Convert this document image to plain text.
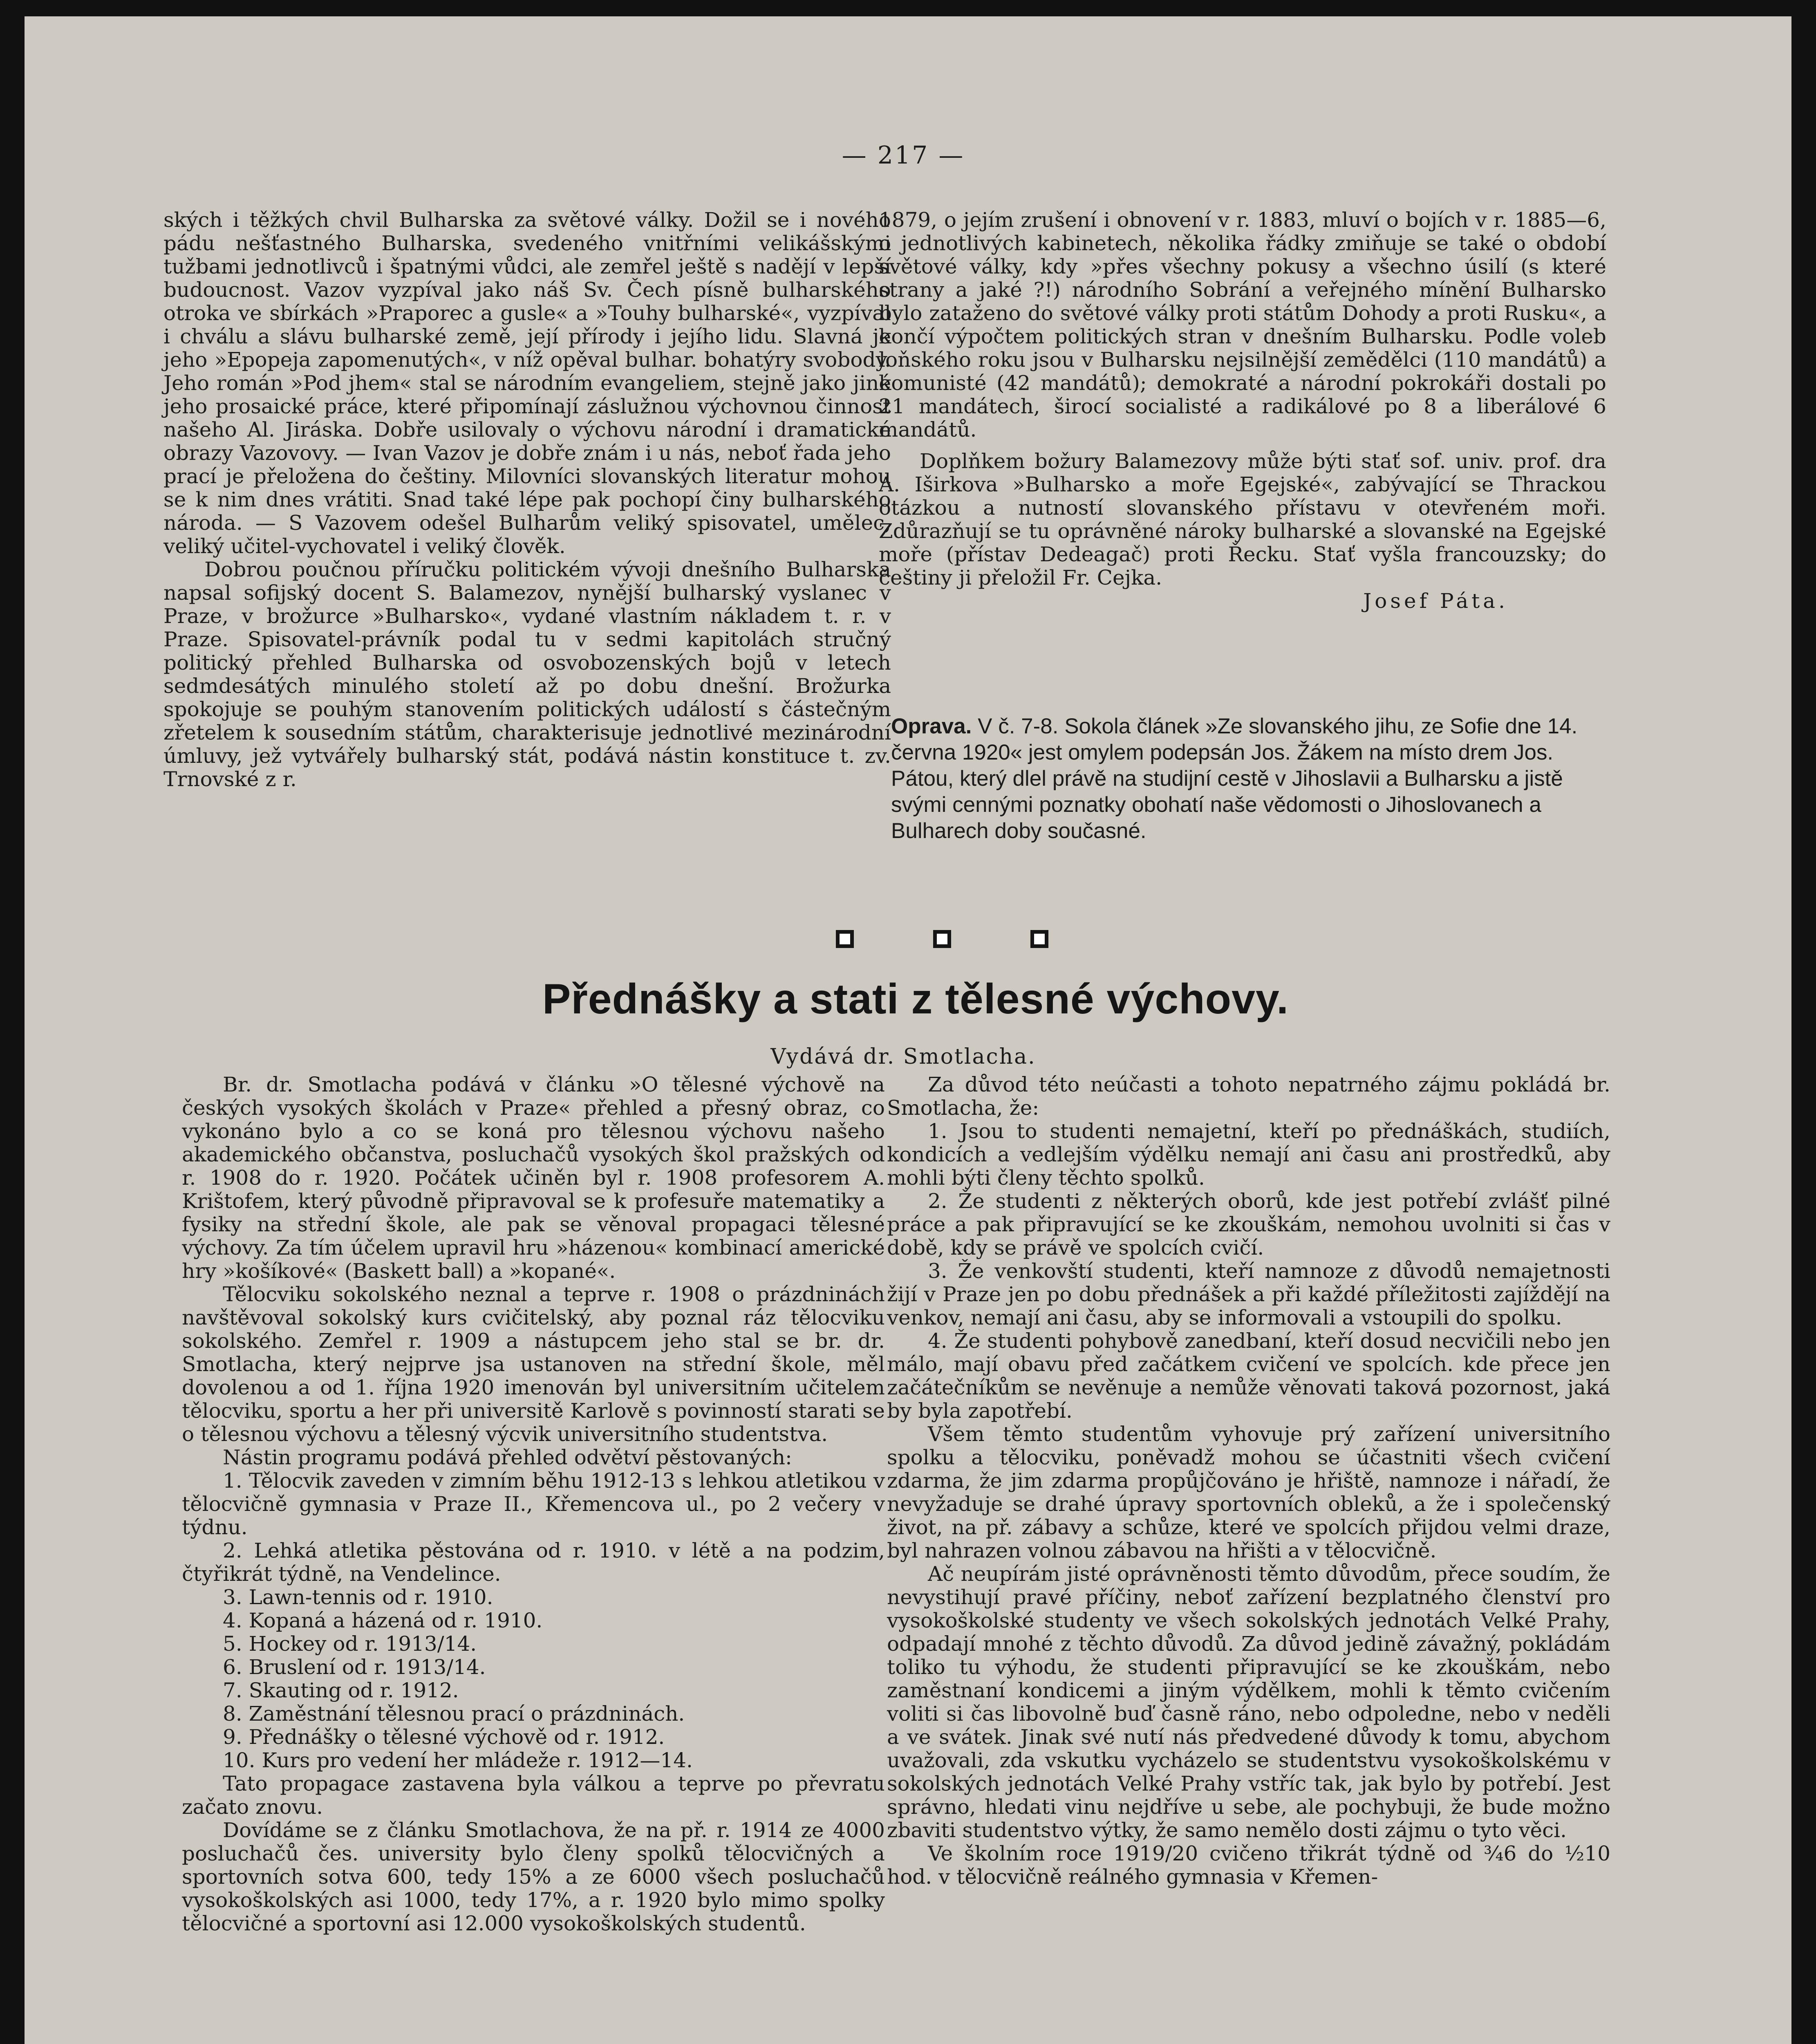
— 217 —

ských i těžkých chvil Bulharska za světové války. Dožil se i nového pádu nešťastného Bulharska, svedeného vnitřními velikášskými tužbami jednotlivců i špatnými vůdci, ale zemřel ještě s nadějí v lepší budoucnost. Vazov vyzpíval jako náš Sv. Čech písně bulharského otroka ve sbírkách »Praporec a gusle« a »Touhy bulharské«, vyzpíval i chválu a slávu bulharské země, její přírody i jejího lidu. Slavná je jeho »Epopeja zapomenutých«, v níž opěval bulhar. bohatýry svobody. Jeho román »Pod jhem« stal se národním evangeliem, stejně jako jiné jeho prosaické práce, které připomínají záslužnou výchovnou činnost našeho Al. Jiráska. Dobře usilovaly o výchovu národní i dramatické obrazy Vazovovy. — Ivan Vazov je dobře znám i u nás, neboť řada jeho prací je přeložena do češtiny. Milovníci slovanských literatur mohou se k nim dnes vrátiti. Snad také lépe pak pochopí činy bulharského národa. — S Vazovem odešel Bulharům veliký spisovatel, umělec, veliký učitel-vychovatel i veliký člověk.

Dobrou poučnou příručku politickém vývoji dnešního Bulharska napsal sofijský docent S. Balamezov, nynější bulharský vyslanec v Praze, v brožurce »Bulharsko«, vydané vlastním nákladem t. r. v Praze. Spisovatel-právník podal tu v sedmi kapitolách stručný politický přehled Bulharska od osvobozenských bojů v letech sedmdesátých minulého století až po dobu dnešní. Brožurka spokojuje se pouhým stanovením politických událostí s částečným zřetelem k sousedním státům, charakterisuje jednotlivé mezinárodní úmluvy, jež vytvářely bulharský stát, podává nástin konstituce t. zv. Trnovské z r.

1879, o jejím zrušení i obnovení v r. 1883, mluví o bojích v r. 1885—6, o jednotlivých kabinetech, několika řádky zmiňuje se také o období světové války, kdy »přes všechny pokusy a všechno úsilí (s které strany a jaké ?!) národního Sobrání a veřejného mínění Bulharsko bylo zataženo do světové války proti státům Dohody a proti Rusku«, a končí výpočtem politických stran v dnešním Bulharsku. Podle voleb loňského roku jsou v Bulharsku nejsilnější zemědělci (110 mandátů) a komunisté (42 mandátů); demokraté a národní pokrokáři dostali po 21 mandátech, širocí socialisté a radikálové po 8 a liberálové 6 mandátů.

Doplňkem božury Balamezovy může býti stať sof. univ. prof. dra A. Iširkova »Bulharsko a moře Egejské«, zabývající se Thrackou otázkou a nutností slovanského přístavu v otevřeném moři. Zdůrazňují se tu oprávněné nároky bulharské a slovanské na Egejské moře (přístav Dedeagač) proti Řecku. Stať vyšla francouzsky; do češtiny ji přeložil Fr. Cejka.

Josef Páta.

Oprava. V č. 7-8. Sokola článek »Ze slovanského jihu, ze Sofie dne 14. června 1920« jest omylem podepsán Jos. Žákem na místo drem Jos. Pátou, který dlel právě na studijní cestě v Jihoslavii a Bulharsku a jistě svými cennými poznatky obohatí naše vědomosti o Jihoslovanech a Bulharech doby současné.
Přednášky a stati z tělesné výchovy.
Vydává dr. Smotlacha.

Br. dr. Smotlacha podává v článku »O tělesné výchově na českých vysokých školách v Praze« přehled a přesný obraz, co vykonáno bylo a co se koná pro tělesnou výchovu našeho akademického občanstva, posluchačů vysokých škol pražských od r. 1908 do r. 1920. Počátek učiněn byl r. 1908 profesorem A. Krištofem, který původně připravoval se k profesuře matematiky a fysiky na střední škole, ale pak se věnoval propagaci tělesné výchovy. Za tím účelem upravil hru »házenou« kombinací americké hry »košíkové« (Baskett ball) a »kopané«.

Tělocviku sokolského neznal a teprve r. 1908 o prázdninách navštěvoval sokolský kurs cvičitelský, aby poznal ráz tělocviku sokolského. Zemřel r. 1909 a nástupcem jeho stal se br. dr. Smotlacha, který nejprve jsa ustanoven na střední škole, měl dovolenou a od 1. října 1920 imenován byl universitním učitelem tělocviku, sportu a her při universitě Karlově s povinností starati se o tělesnou výchovu a tělesný výcvik universitního studentstva.

Nástin programu podává přehled odvětví pěstovaných:

1. Tělocvik zaveden v zimním běhu 1912-13 s lehkou atletikou v tělocvičně gymnasia v Praze II., Křemencova ul., po 2 večery v týdnu.

2. Lehká atletika pěstována od r. 1910. v létě a na podzim, čtyřikrát týdně, na Vendelince.

3. Lawn-tennis od r. 1910.

4. Kopaná a házená od r. 1910.

5. Hockey od r. 1913/14.

6. Bruslení od r. 1913/14.

7. Skauting od r. 1912.

8. Zaměstnání tělesnou prací o prázdninách.

9. Přednášky o tělesné výchově od r. 1912.

10. Kurs pro vedení her mládeže r. 1912—14.

Tato propagace zastavena byla válkou a teprve po převratu začato znovu.

Dovídáme se z článku Smotlachova, že na př. r. 1914 ze 4000 posluchačů čes. university bylo členy spolků tělocvičných a sportovních sotva 600, tedy 15% a ze 6000 všech posluchačů vysokoškolských asi 1000, tedy 17%, a r. 1920 bylo mimo spolky tělocvičné a sportovní asi 12.000 vysokoškolských studentů.

Za důvod této neúčasti a tohoto nepatrného zájmu pokládá br. Smotlacha, že:

1. Jsou to studenti nemajetní, kteří po přednáškách, studiích, kondicích a vedlejším výdělku nemají ani času ani prostředků, aby mohli býti členy těchto spolků.

2. Že studenti z některých oborů, kde jest potřebí zvlášť pilné práce a pak připravující se ke zkouškám, nemohou uvolniti si čas v době, kdy se právě ve spolcích cvičí.

3. Že venkovští studenti, kteří namnoze z důvodů nemajetnosti žijí v Praze jen po dobu přednášek a při každé příležitosti zajíždějí na venkov, nemají ani času, aby se informovali a vstoupili do spolku.

4. Že studenti pohybově zanedbaní, kteří dosud necvičili nebo jen málo, mají obavu před začátkem cvičení ve spolcích. kde přece jen začátečníkům se nevěnuje a nemůže věnovati taková pozornost, jaká by byla zapotřebí.

Všem těmto studentům vyhovuje prý zařízení universitního spolku a tělocviku, poněvadž mohou se účastniti všech cvičení zdarma, že jim zdarma propůjčováno je hřiště, namnoze i nářadí, že nevyžaduje se drahé úpravy sportovních obleků, a že i společenský život, na př. zábavy a schůze, které ve spolcích přijdou velmi draze, byl nahrazen volnou zábavou na hřišti a v tělocvičně.

Ač neupírám jisté oprávněnosti těmto důvodům, přece soudím, že nevystihují pravé příčiny, neboť zařízení bezplatného členství pro vysokoškolské studenty ve všech sokolských jednotách Velké Prahy, odpadají mnohé z těchto důvodů. Za důvod jedině závažný, pokládám toliko tu výhodu, že studenti připravující se ke zkouškám, nebo zaměstnaní kondicemi a jiným výdělkem, mohli k těmto cvičením voliti si čas libovolně buď časně ráno, nebo odpoledne, nebo v neděli a ve svátek. Jinak své nutí nás předvedené důvody k tomu, abychom uvažovali, zda vskutku vycházelo se studentstvu vysokoškolskému v sokolských jednotách Velké Prahy vstříc tak, jak bylo by potřebí. Jest správno, hledati vinu nejdříve u sebe, ale pochybuji, že bude možno zbaviti studentstvo výtky, že samo nemělo dosti zájmu o tyto věci.

Ve školním roce 1919/20 cvičeno třikrát týdně od ¾6 do ½10 hod. v tělocvičně reálného gymnasia v Křemen-
